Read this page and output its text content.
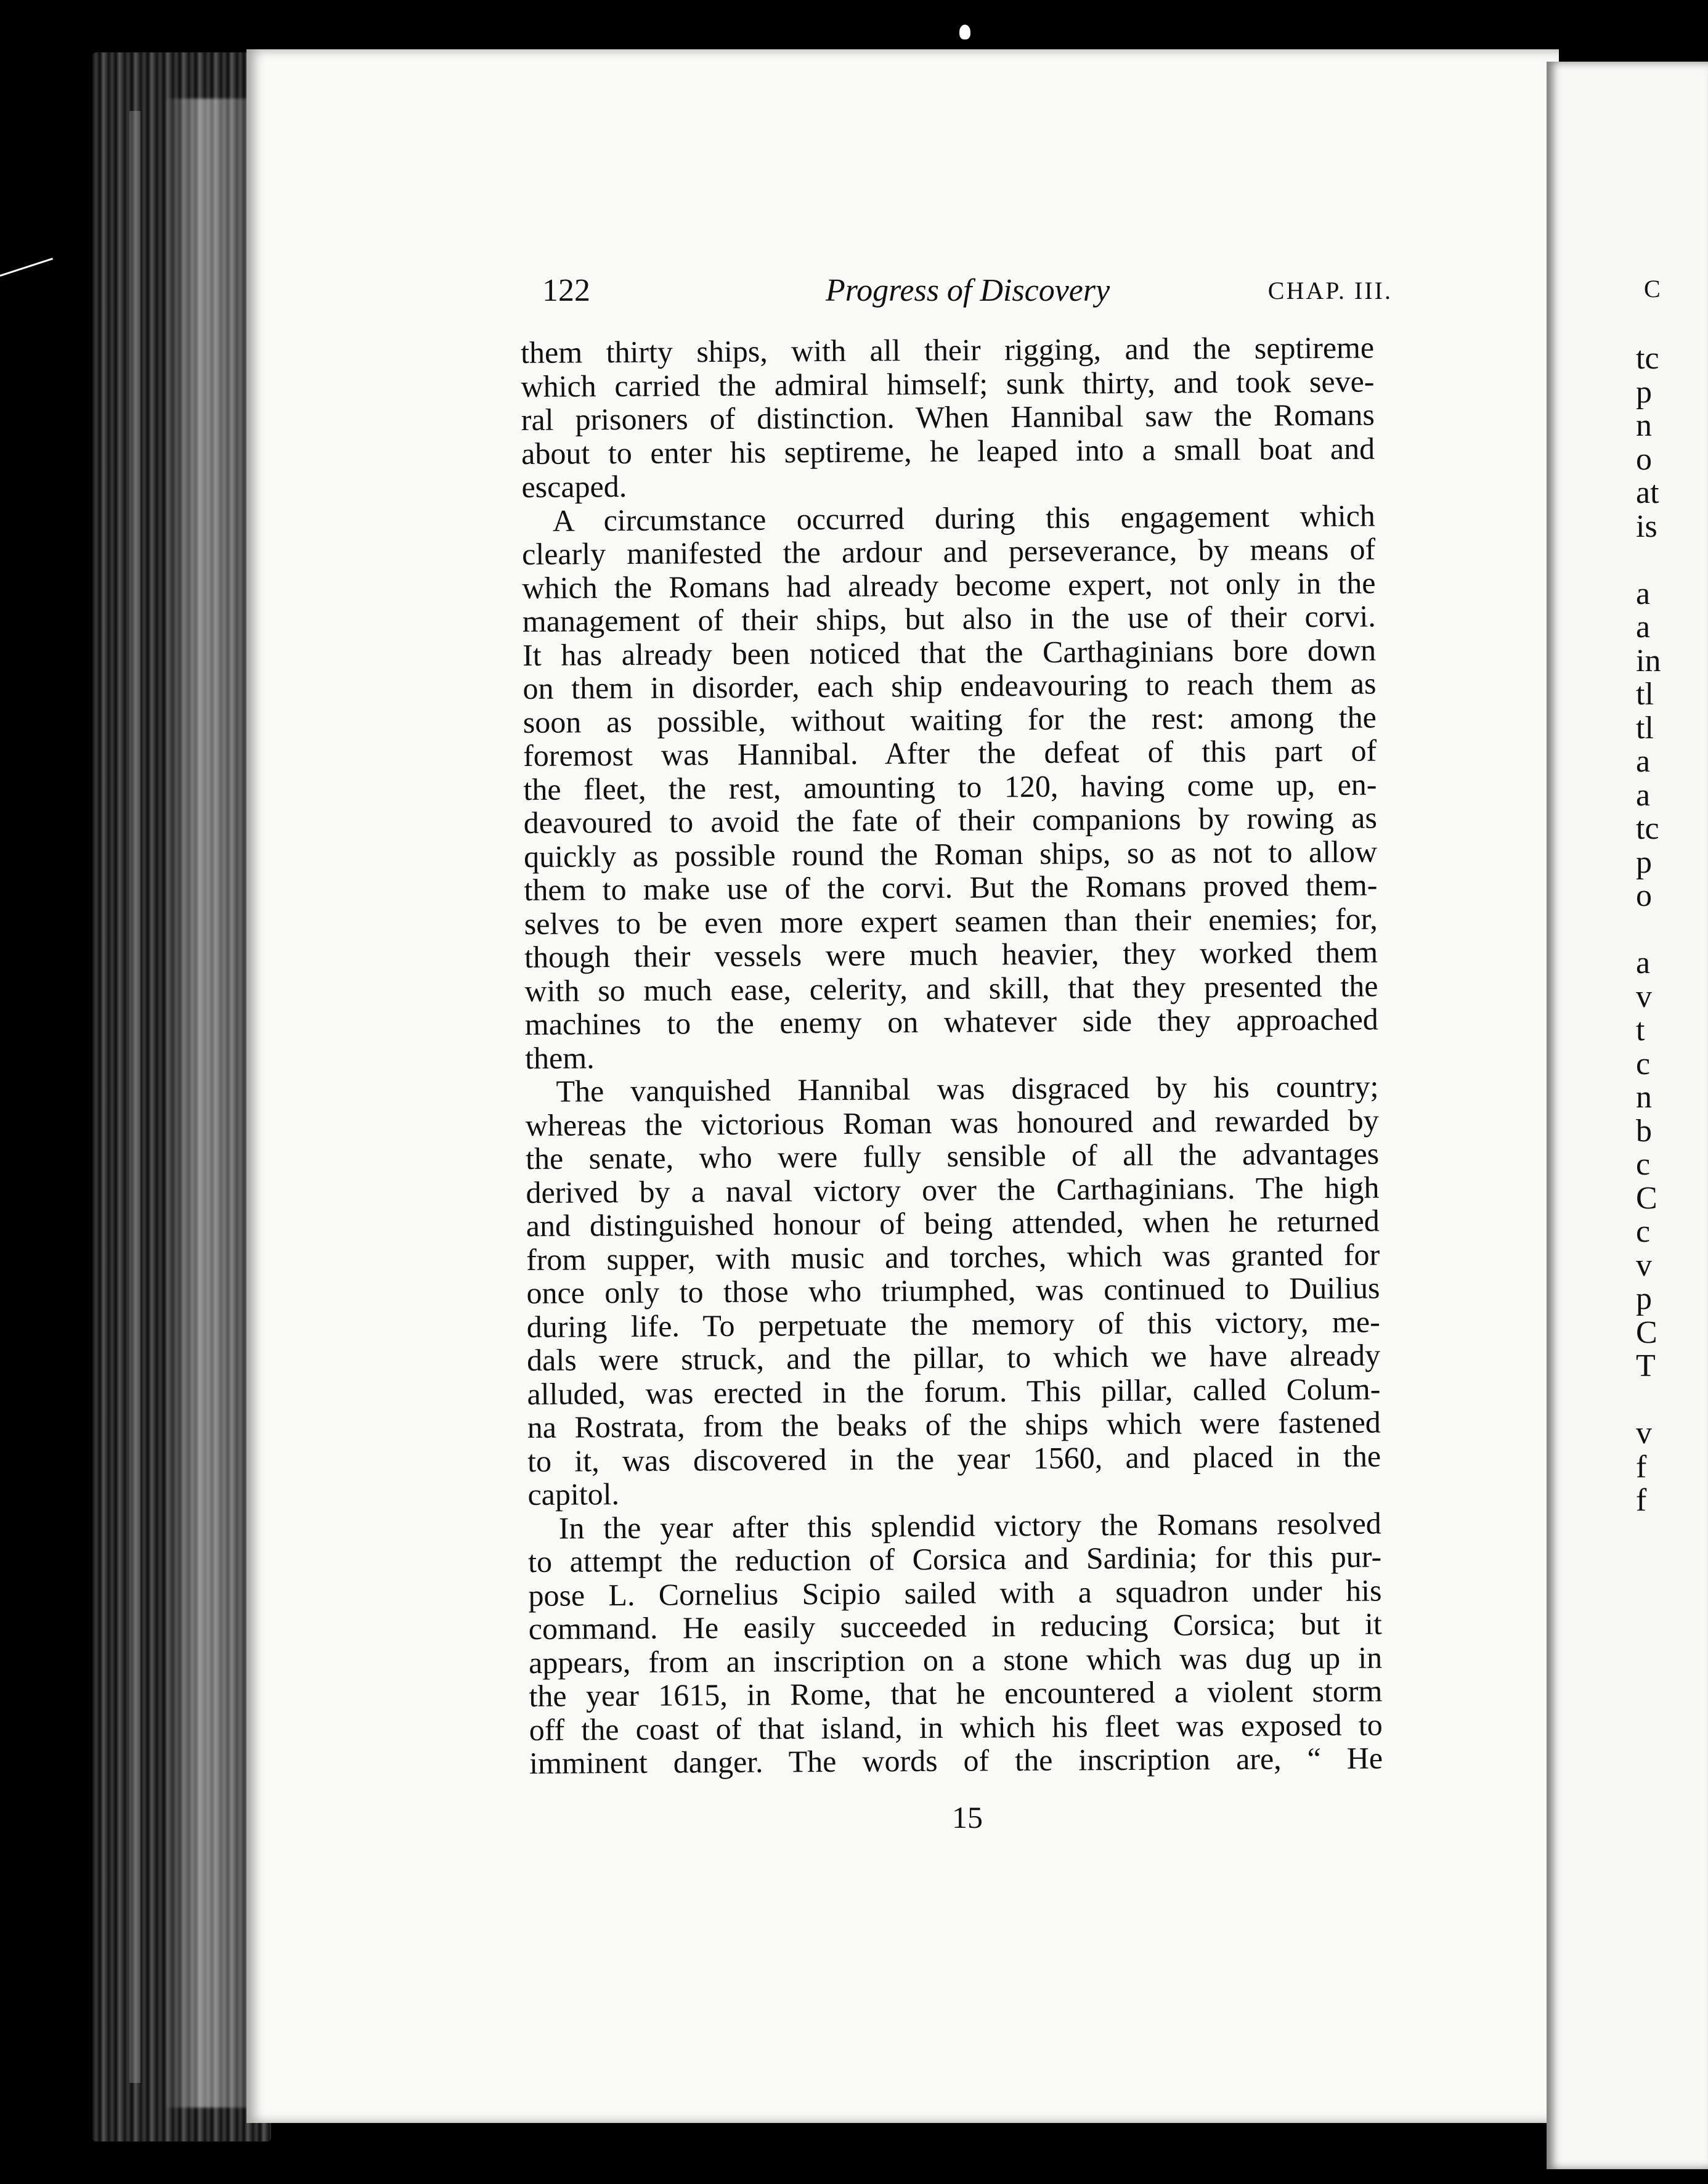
C
tc
p
n
o
at
is
a
a
in
tl
tl
a
a
tc
p
o
a
v
t
c
n
b
c
C
c
v
p
C
T
v
f
f
122	Progress of Discovery	CHAP. III.
them thirty ships, with all their rigging, and the septireme
which carried the admiral himself; sunk thirty, and took seve-
ral prisoners of distinction. When Hannibal saw the Romans
about to enter his septireme, he leaped into a small boat and
escaped.
A circumstance occurred during this engagement which
clearly manifested the ardour and perseverance, by means of
which the Romans had already become expert, not only in the
management of their ships, but also in the use of their corvi.
It has already been noticed that the Carthaginians bore down
on them in disorder, each ship endeavouring to reach them as
soon as possible, without waiting for the rest: among the
foremost was Hannibal. After the defeat of this part of
the fleet, the rest, amounting to 120, having come up, en-
deavoured to avoid the fate of their companions by rowing as
quickly as possible round the Roman ships, so as not to allow
them to make use of the corvi. But the Romans proved them-
selves to be even more expert seamen than their enemies; for,
though their vessels were much heavier, they worked them
with so much ease, celerity, and skill, that they presented the
machines to the enemy on whatever side they approached
them.
The vanquished Hannibal was disgraced by his country;
whereas the victorious Roman was honoured and rewarded by
the senate, who were fully sensible of all the advantages
derived by a naval victory over the Carthaginians. The high
and distinguished honour of being attended, when he returned
from supper, with music and torches, which was granted for
once only to those who triumphed, was continued to Duilius
during life. To perpetuate the memory of this victory, me-
dals were struck, and the pillar, to which we have already
alluded, was erected in the forum. This pillar, called Colum-
na Rostrata, from the beaks of the ships which were fastened
to it, was discovered in the year 1560, and placed in the
capitol.
In the year after this splendid victory the Romans resolved
to attempt the reduction of Corsica and Sardinia; for this pur-
pose L. Cornelius Scipio sailed with a squadron under his
command. He easily succeeded in reducing Corsica; but it
appears, from an inscription on a stone which was dug up in
the year 1615, in Rome, that he encountered a violent storm
off the coast of that island, in which his fleet was exposed to
imminent danger. The words of the inscription are, “ He
15
